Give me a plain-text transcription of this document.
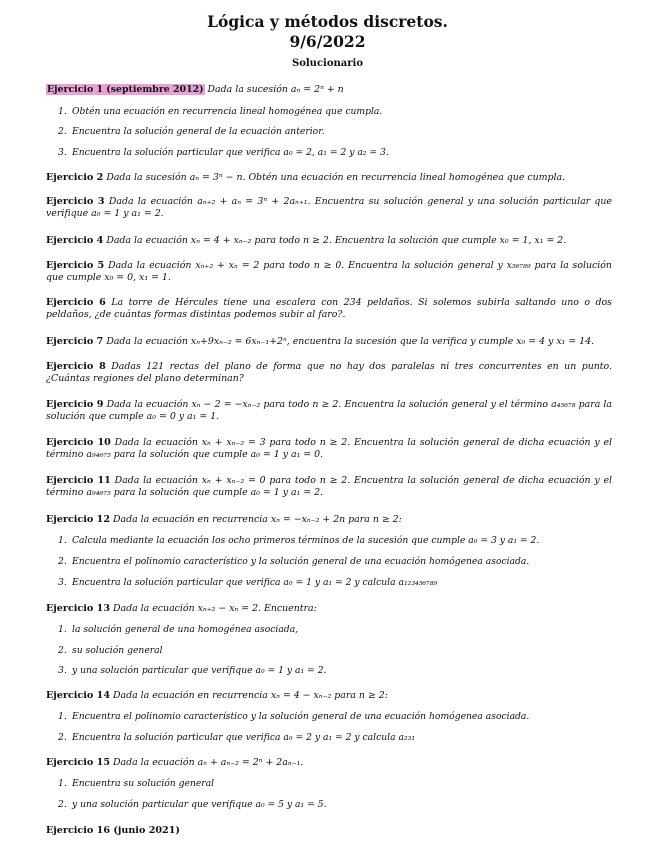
Lógica y métodos discretos.
9/6/2022
Solucionario
Ejercicio 1 (septiembre 2012) Dada la sucesión aₙ = 2ⁿ + n
1. Obtén una ecuación en recurrencia lineal homogénea que cumpla.
2. Encuentra la solución general de la ecuación anterior.
3. Encuentra la solución particular que verifica a₀ = 2, a₁ = 2 y a₂ = 3.
Ejercicio 2 Dada la sucesión aₙ = 3ⁿ − n. Obtén una ecuación en recurrencia lineal homogénea que cumpla.
Ejercicio 3 Dada la ecuación aₙ₊₂ + aₙ = 3ⁿ + 2aₙ₊₁. Encuentra su solución general y una solución particular que verifique a₀ = 1 y a₁ = 2.
Ejercicio 4 Dada la ecuación xₙ = 4 + xₙ₋₂ para todo n ≥ 2. Encuentra la solución que cumple x₀ = 1, x₁ = 2.
Ejercicio 5 Dada la ecuación xₙ₊₂ + xₙ = 2 para todo n ≥ 0. Encuentra la solución general y x₅₆₇₈₉ para la solución que cumple x₀ = 0, x₁ = 1.
Ejercicio 6 La torre de Hércules tiene una escalera con 234 peldaños. Si solemos subirla saltando uno o dos peldaños, ¿de cuántas formas distintas podemos subir al faro?.
Ejercicio 7 Dada la ecuación xₙ+9xₙ₋₂ = 6xₙ₋₁+2ⁿ, encuentra la sucesión que la verifica y cumple x₀ = 4 y x₁ = 14.
Ejercicio 8 Dadas 121 rectas del plano de forma que no hay dos paralelas ni tres concurrentes en un punto. ¿Cuántas regiones del plano determinan?
Ejercicio 9 Dada la ecuación xₙ − 2 = −xₙ₋₂ para todo n ≥ 2. Encuentra la solución general y el término a₄₅₆₇₈ para la solución que cumple a₀ = 0 y a₁ = 1.
Ejercicio 10 Dada la ecuación xₙ + xₙ₋₂ = 3 para todo n ≥ 2. Encuentra la solución general de dicha ecuación y el término a₉₄₆₇₅ para la solución que cumple a₀ = 1 y a₁ = 0.
Ejercicio 11 Dada la ecuación xₙ + xₙ₋₂ = 0 para todo n ≥ 2. Encuentra la solución general de dicha ecuación y el término a₉₄₆₇₅ para la solución que cumple a₀ = 1 y a₁ = 2.
Ejercicio 12 Dada la ecuación en recurrencia xₙ = −xₙ₋₂ + 2n para n ≥ 2:
1. Calcula mediante la ecuación los ocho primeros términos de la sucesión que cumple a₀ = 3 y a₁ = 2.
2. Encuentra el polinomio característico y la solución general de una ecuación homógenea asociada.
3. Encuentra la solución particular que verifica a₀ = 1 y a₁ = 2 y calcula a₁₂₃₄₅₆₇₈₉
Ejercicio 13 Dada la ecuación xₙ₊₂ − xₙ = 2. Encuentra:
1. la solución general de una homogénea asociada,
2. su solución general
3. y una solución particular que verifique a₀ = 1 y a₁ = 2.
Ejercicio 14 Dada la ecuación en recurrencia xₙ = 4 − xₙ₋₂ para n ≥ 2:
1. Encuentra el polinomio característico y la solución general de una ecuación homógenea asociada.
2. Encuentra la solución particular que verifica a₀ = 2 y a₁ = 2 y calcula a₂₃₁
Ejercicio 15 Dada la ecuación aₙ + aₙ₋₂ = 2ⁿ + 2aₙ₋₁.
1. Encuentra su solución general
2. y una solución particular que verifique a₀ = 5 y a₁ = 5.
Ejercicio 16 (junio 2021)
